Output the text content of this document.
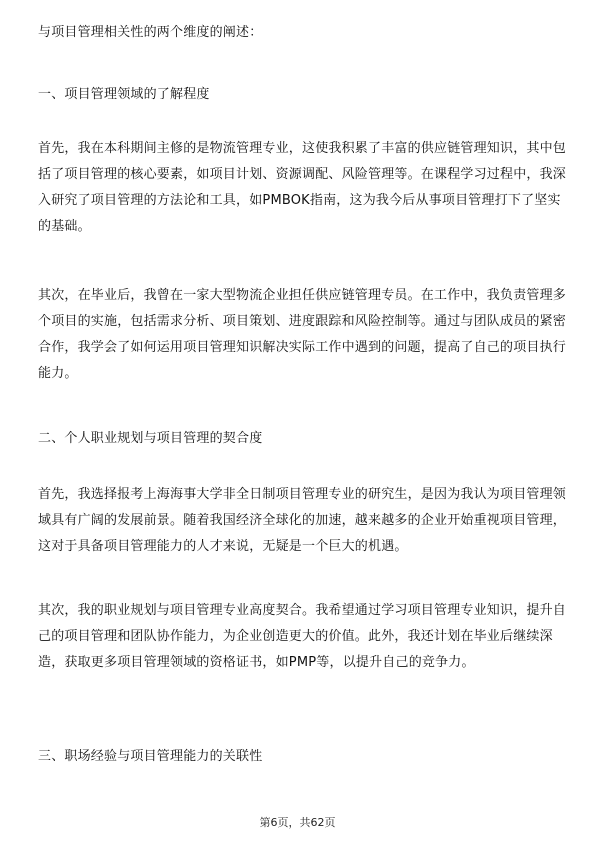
与项目管理相关性的两个维度的阐述：

一、项目管理领域的了解程度

首先，我在本科期间主修的是物流管理专业，这使我积累了丰富的供应链管理知识，其中包括了项目管理的核心要素，如项目计划、资源调配、风险管理等。在课程学习过程中，我深入研究了项目管理的方法论和工具，如PMBOK指南，这为我今后从事项目管理打下了坚实的基础。

其次，在毕业后，我曾在一家大型物流企业担任供应链管理专员。在工作中，我负责管理多个项目的实施，包括需求分析、项目策划、进度跟踪和风险控制等。通过与团队成员的紧密合作，我学会了如何运用项目管理知识解决实际工作中遇到的问题，提高了自己的项目执行能力。

二、个人职业规划与项目管理的契合度

首先，我选择报考上海海事大学非全日制项目管理专业的研究生，是因为我认为项目管理领域具有广阔的发展前景。随着我国经济全球化的加速，越来越多的企业开始重视项目管理，这对于具备项目管理能力的人才来说，无疑是一个巨大的机遇。

其次，我的职业规划与项目管理专业高度契合。我希望通过学习项目管理专业知识，提升自己的项目管理和团队协作能力，为企业创造更大的价值。此外，我还计划在毕业后继续深造，获取更多项目管理领域的资格证书，如PMP等，以提升自己的竞争力。

三、职场经验与项目管理能力的关联性

第6页，共62页
